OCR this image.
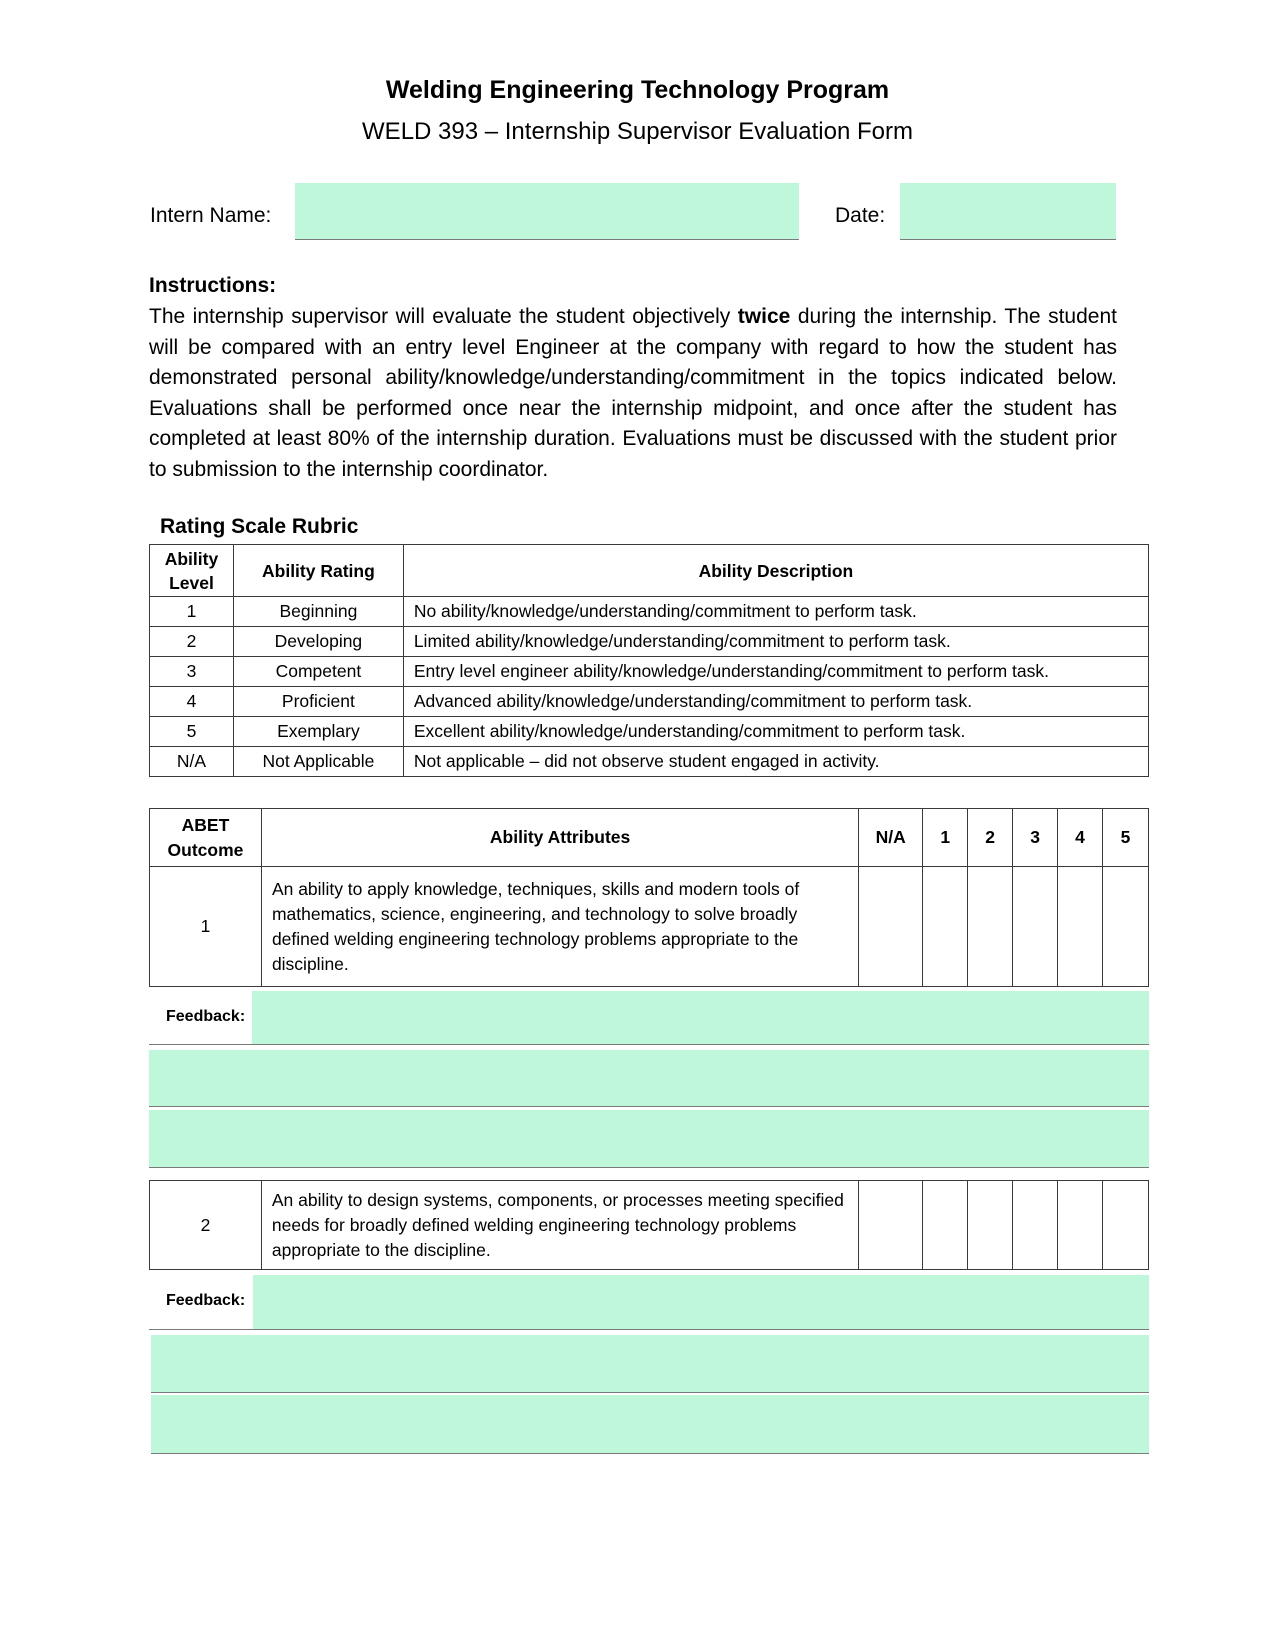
Welding Engineering Technology Program
WELD 393 – Internship Supervisor Evaluation Form
Intern Name:	Date:
Instructions:
The internship supervisor will evaluate the student objectively twice during the internship. The student will be compared with an entry level Engineer at the company with regard to how the student has demonstrated personal ability/knowledge/understanding/commitment in the topics indicated below. Evaluations shall be performed once near the internship midpoint, and once after the student has completed at least 80% of the internship duration. Evaluations must be discussed with the student prior to submission to the internship coordinator.
Rating Scale Rubric
Ability Level	Ability Rating	Ability Description
1	Beginning	No ability/knowledge/understanding/commitment to perform task.
2	Developing	Limited ability/knowledge/understanding/commitment to perform task.
3	Competent	Entry level engineer ability/knowledge/understanding/commitment to perform task.
4	Proficient	Advanced ability/knowledge/understanding/commitment to perform task.
5	Exemplary	Excellent ability/knowledge/understanding/commitment to perform task.
N/A	Not Applicable	Not applicable – did not observe student engaged in activity.
ABET Outcome	Ability Attributes	N/A	1	2	3	4	5
1	An ability to apply knowledge, techniques, skills and modern tools of mathematics, science, engineering, and technology to solve broadly defined welding engineering technology problems appropriate to the discipline.	

Feedback:
2	An ability to design systems, components, or processes meeting specified needs for broadly defined welding engineering technology problems appropriate to the discipline.	

Feedback:
